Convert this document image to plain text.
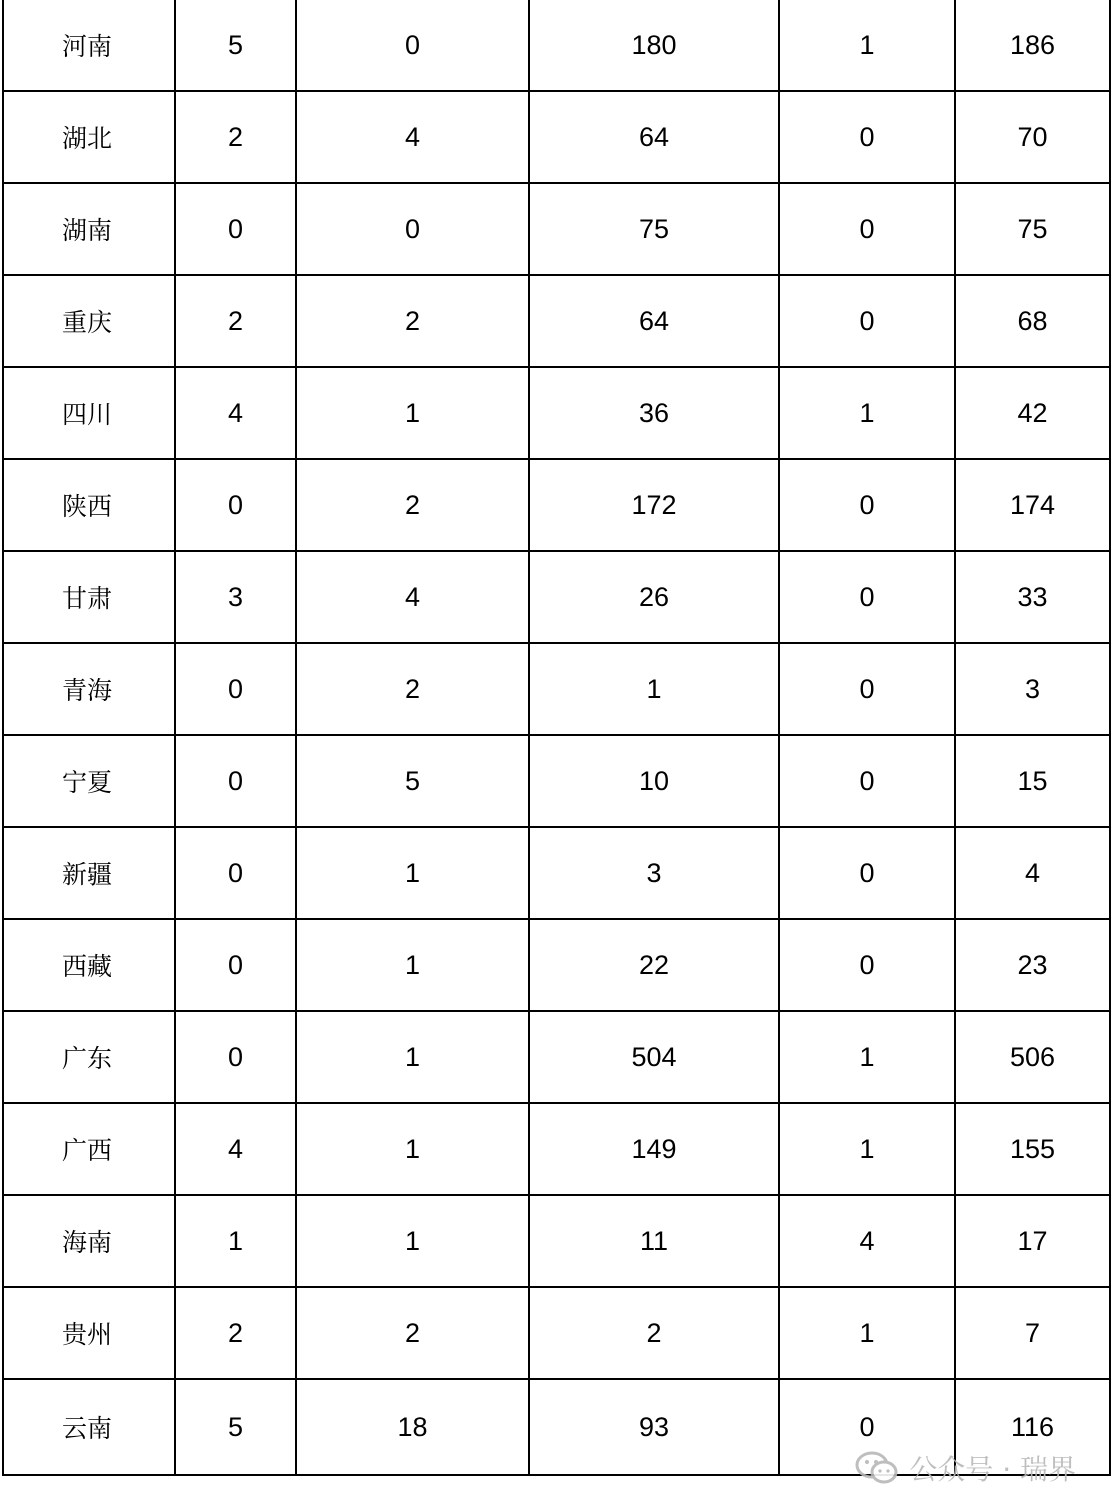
河南	5	0	180	1	186
湖北	2	4	64	0	70
湖南	0	0	75	0	75
重庆	2	2	64	0	68
四川	4	1	36	1	42
陕西	0	2	172	0	174
甘肃	3	4	26	0	33
青海	0	2	1	0	3
宁夏	0	5	10	0	15
新疆	0	1	3	0	4
西藏	0	1	22	0	23
广东	0	1	504	1	506
广西	4	1	149	1	155
海南	1	1	11	4	17
贵州	2	2	2	1	7
云南	5	18	93	0	116
公众号 · 瑞界
